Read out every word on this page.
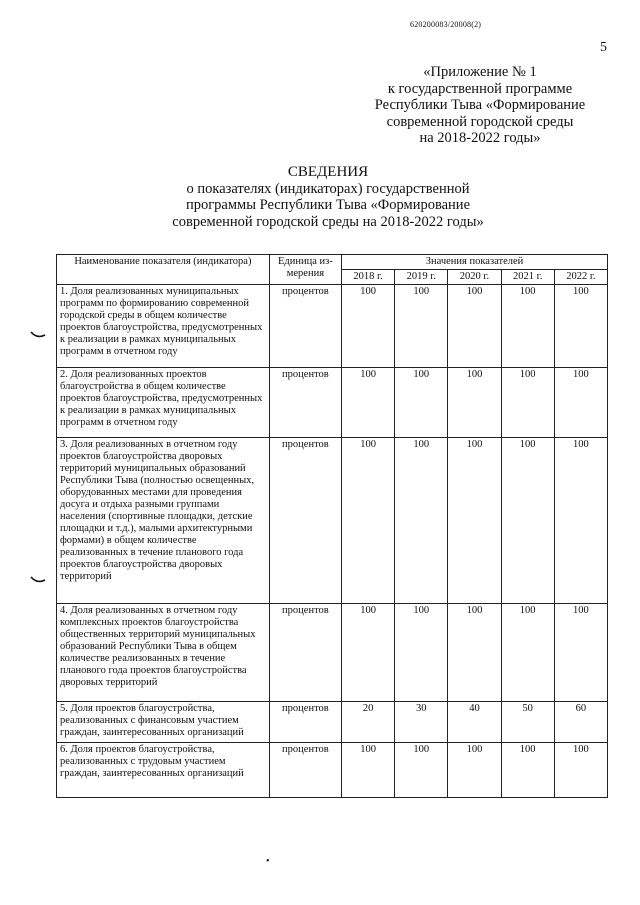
620200083/20008(2)
5
«Приложение № 1
к государственной программе
Республики Тыва «Формирование
современной городской среды
на 2018-2022 годы»
СВЕДЕНИЯ
о показателях (индикаторах) государственной
программы Республики Тыва «Формирование
современной городской среды на 2018-2022 годы»
Наименование показателя (индикатора)	Единица из-мерения	Значения показателей				
		2018 г.	2019 г.	2020 г.	2021 г.	2022 г.
1. Доля реализованных муниципальных программ по формированию современной городской среды в общем количестве проектов благоустройства, предусмотренных к реализации в рамках муниципальных программ в отчетном году	процентов	100	100	100	100	100
2. Доля реализованных проектов благоустройства в общем количестве проектов благоустройства, предусмотренных к реализации в рамках муниципальных программ в отчетном году	процентов	100	100	100	100	100
3. Доля реализованных в отчетном году проектов благоустройства дворовых территорий муниципальных образований Республики Тыва (полностью освещенных, оборудованных местами для проведения досуга и отдыха разными группами населения (спортивные площадки, детские площадки и т.д.), малыми архитектурными формами) в общем количестве реализованных в течение планового года проектов благоустройства дворовых территорий	процентов	100	100	100	100	100
4. Доля реализованных в отчетном году комплексных проектов благоустройства общественных территорий муниципальных образований Республики Тыва в общем количестве реализованных в течение планового года проектов благоустройства дворовых территорий	процентов	100	100	100	100	100
5. Доля проектов благоустройства, реализованных с финансовым участием граждан, заинтересованных организаций	процентов	20	30	40	50	60
6. Доля проектов благоустройства, реализованных с трудовым участием граждан, заинтересованных организаций	процентов	100	100	100	100	100
•
